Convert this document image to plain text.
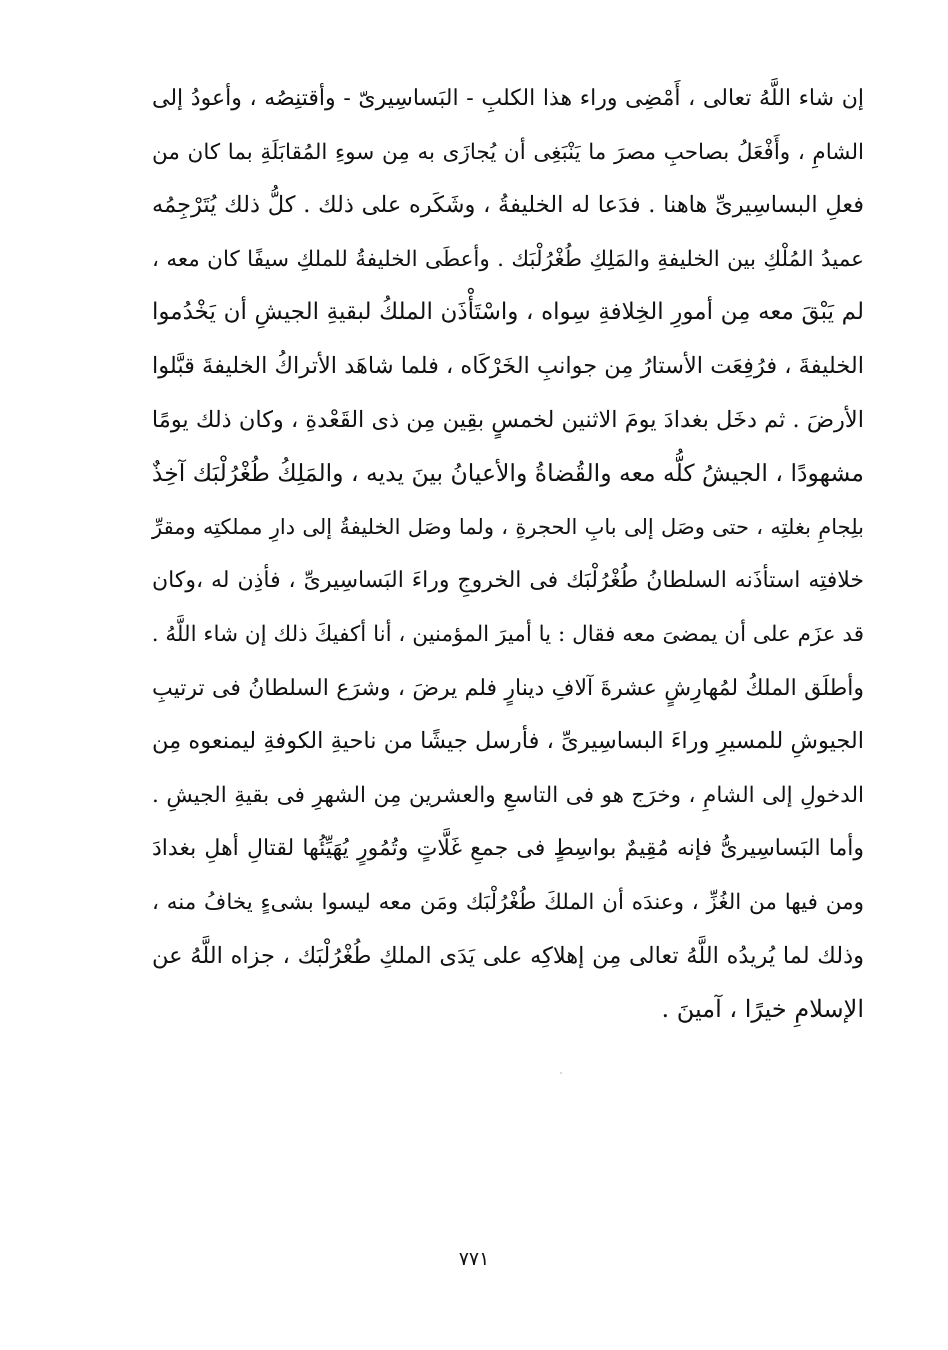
إن شاء اللَّهُ تعالى ، أَمْضِى وراء هذا الكلبِ - البَساسِيرىّ - وأقتنِصُه ، وأعودُ إلى
الشامِ ، وأَفْعَلُ بصاحبِ مصرَ ما يَنْبَغِى أن يُجازَى به مِن سوءِ المُقابَلَةِ بما كان من
فعلِ البساسِيرىِّ هاهنا . فدَعا له الخليفةُ ، وشَكَره على ذلك . كلُّ ذلك يُتَرْجِمُه
عميدُ المُلْكِ بين الخليفةِ والمَلِكِ طُغْرُلْبَك . وأعطَى الخليفةُ للملكِ سيفًا كان معه ،
لم يَبْقَ معه مِن أمورِ الخِلافةِ سِواه ، واسْتَأْذَن الملكُ لبقيةِ الجيشِ أن يَخْدُموا
الخليفةَ ، فرُفِعَت الأستارُ مِن جوانبِ الخَرْكَاه ، فلما شاهَد الأتراكُ الخليفةَ قبَّلوا
الأرضَ . ثم دخَل بغدادَ يومَ الاثنين لخمسٍ بقِين مِن ذى القَعْدةِ ، وكان ذلك يومًا
مشهودًا ، الجيشُ كلُّه معه والقُضاةُ والأعيانُ بينَ يديه ، والمَلِكُ طُغْرُلْبَك آخِذٌ
بلِجامِ بغلتِه ، حتى وصَل إلى بابِ الحجرةِ ، ولما وصَل الخليفةُ إلى دارِ مملكتِه ومقرِّ
خلافتِه استأذَنه السلطانُ طُغْرُلْبَك فى الخروجِ وراءَ البَساسِيرىِّ ، فأذِن له ،وكان
قد عزَم على أن يمضىَ معه فقال : يا أميرَ المؤمنين ، أنا أكفيكَ ذلك إن شاء اللَّهُ .
وأطلَق الملكُ لمُهارِشٍ عشرةَ آلافِ دينارٍ فلم يرضَ ، وشرَع السلطانُ فى ترتيبِ
الجيوشِ للمسيرِ وراءَ البساسِيرىِّ ، فأرسل جيشًا من ناحيةِ الكوفةِ ليمنعوه مِن
الدخولِ إلى الشامِ ، وخرَج هو فى التاسعِ والعشرين مِن الشهرِ فى بقيةِ الجيشِ .
وأما البَساسِيرىُّ فإنه مُقِيمٌ بواسِطٍ فى جمعِ غَلَّاتٍ وتُمُورٍ يُهَيِّئُها لقتالِ أهلِ بغدادَ
ومن فيها من الغُزِّ ، وعندَه أن الملكَ طُغْرُلْبَك ومَن معه ليسوا بشىءٍ يخافُ منه ،
وذلك لما يُريدُه اللَّهُ تعالى مِن إهلاكِه على يَدَى الملكِ طُغْرُلْبَك ، جزاه اللَّهُ عن
الإسلامِ خيرًا ، آمينَ .
٧٧١
